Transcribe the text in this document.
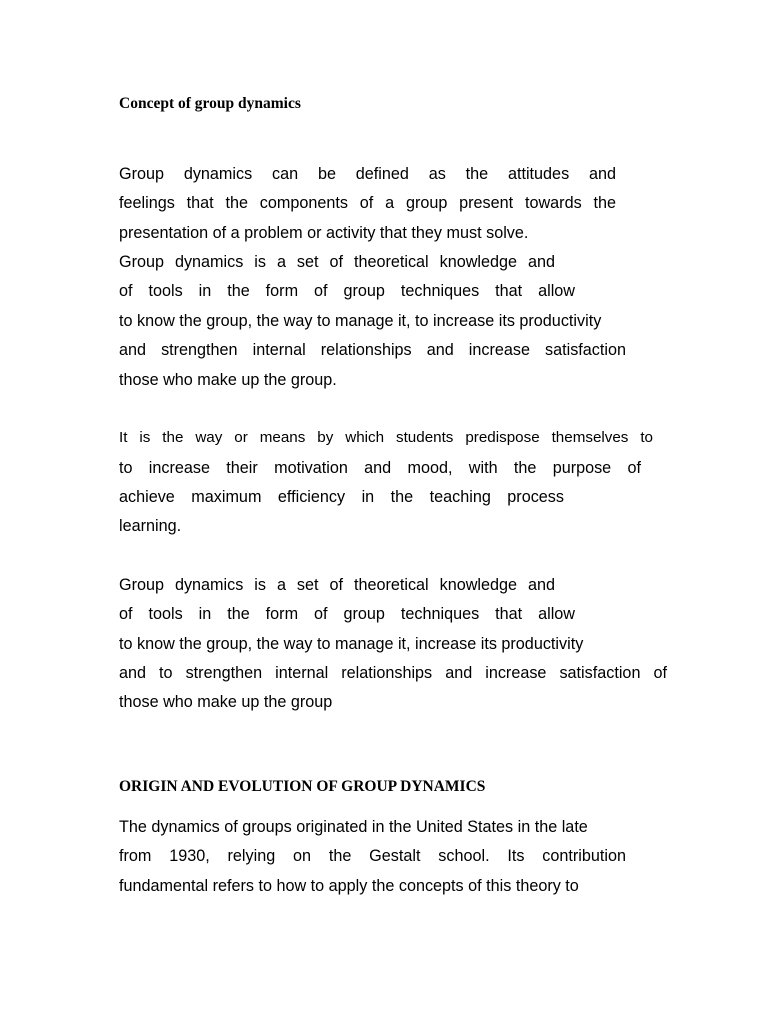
Concept of group dynamics

Group dynamics can be defined as the attitudes and

feelings that the components of a group present towards the

presentation of a problem or activity that they must solve.

Group dynamics is a set of theoretical knowledge and

of tools in the form of group techniques that allow

to know the group, the way to manage it, to increase its productivity

and strengthen internal relationships and increase satisfaction

those who make up the group.

It is the way or means by which students predispose themselves to

to increase their motivation and mood, with the purpose of

achieve maximum efficiency in the teaching process

learning.

Group dynamics is a set of theoretical knowledge and

of tools in the form of group techniques that allow

to know the group, the way to manage it, increase its productivity

and to strengthen internal relationships and increase satisfaction of

those who make up the group

ORIGIN AND EVOLUTION OF GROUP DYNAMICS

The dynamics of groups originated in the United States in the late

from 1930, relying on the Gestalt school. Its contribution

fundamental refers to how to apply the concepts of this theory to
